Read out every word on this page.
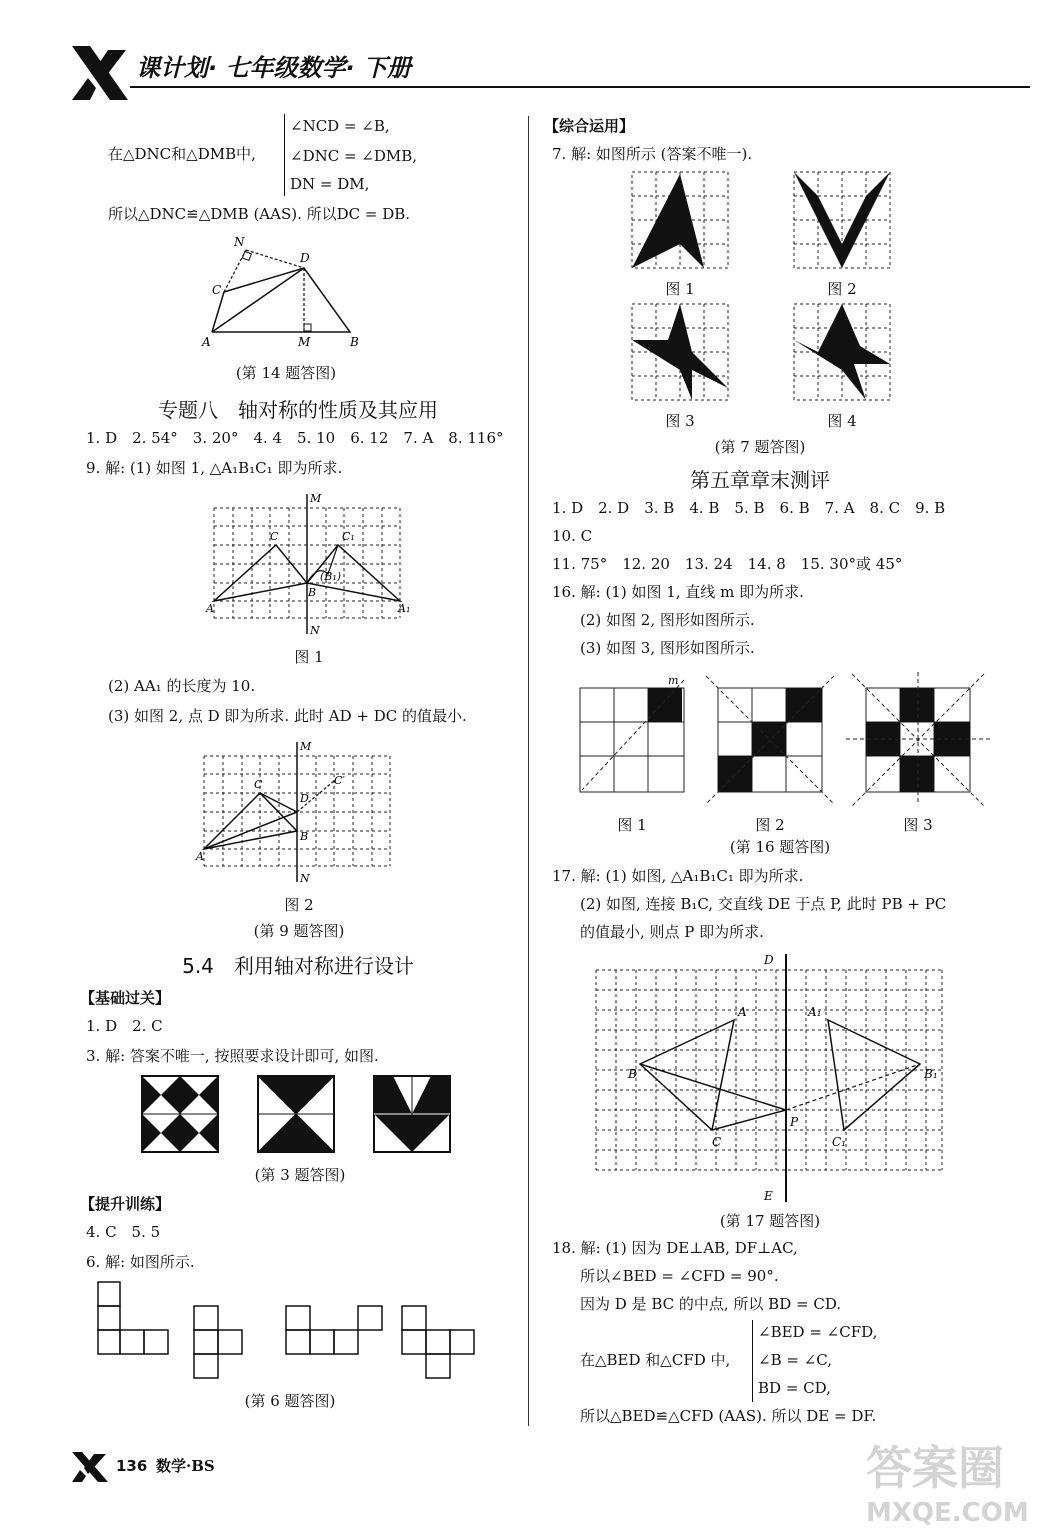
课计划· 七年级数学· 下册
在△DNC和△DMB中,
∠NCD = ∠B,
∠DNC = ∠DMB,
DN = DM,
所以△DNC≌△DMB (AAS). 所以DC = DB.
N
D
C
A	M	B
(第 14 题答图)
专题八　轴对称的性质及其应用
1. D　2. 54°　3. 20°　4. 4　5. 10　6. 12　7. A　8. 116°
9. 解: (1) 如图 1, △A₁B₁C₁ 即为所求.
M
N
C	C₁
B
(B₁)
A	A₁
图 1
(2) AA₁ 的长度为 10.
(3) 如图 2, 点 D 即为所求. 此时 AD + DC 的值最小.
M
N
C	C′
D
B
A
图 2
(第 9 题答图)
5.4　利用轴对称进行设计
【基础过关】
1. D　2. C
3. 解: 答案不唯一, 按照要求设计即可, 如图.
(第 3 题答图)
【提升训练】
4. C　5. 5
6. 解: 如图所示.
(第 6 题答图)
【综合运用】
7. 解: 如图所示 (答案不唯一).
图 1	图 2
图 3	图 4
(第 7 题答图)
第五章章末测评
1. D　2. D　3. B　4. B　5. B　6. B　7. A　8. C　9. B
10. C
11. 75°　12. 20　13. 24　14. 8　15. 30°或 45°
16. 解: (1) 如图 1, 直线 m 即为所求.
(2) 如图 2, 图形如图所示.
(3) 如图 3, 图形如图所示.
m
图 1	图 2	图 3
(第 16 题答图)
17. 解: (1) 如图, △A₁B₁C₁ 即为所求.
(2) 如图, 连接 B₁C, 交直线 DE 于点 P, 此时 PB + PC
的值最小, 则点 P 即为所求.
D
E
A	A₁
B	B₁
C	C₁
P
(第 17 题答图)
18. 解: (1) 因为 DE⊥AB, DF⊥AC,
所以∠BED = ∠CFD = 90°.
因为 D 是 BC 的中点, 所以 BD = CD.
在△BED 和△CFD 中,
∠BED = ∠CFD,
∠B = ∠C,
BD = CD,
所以△BED≌△CFD (AAS). 所以 DE = DF.
136 数学·BS	答案圈
MXQE.COM
